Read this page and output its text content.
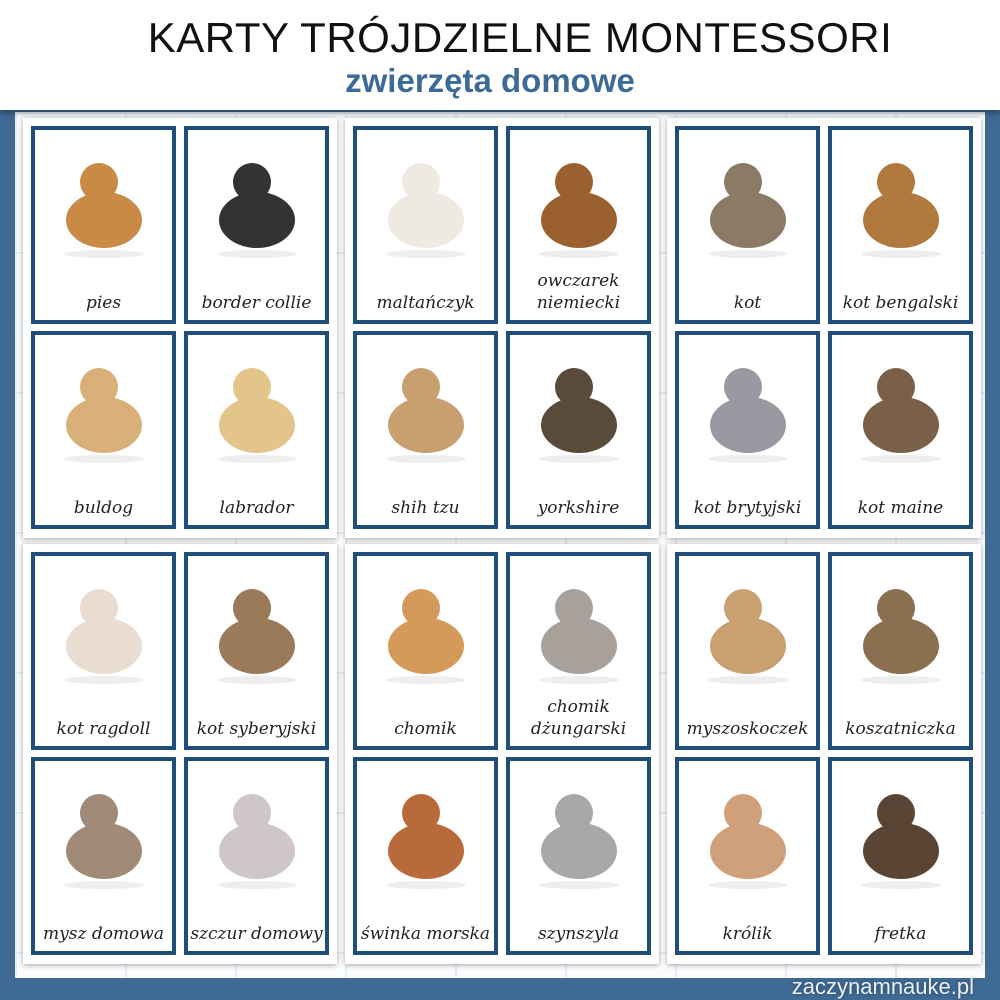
KARTY TRÓJDZIELNE MONTESSORI
zwierzęta domowe
pies	border collie
buldog	labrador
kot	kot bengalski
kot brytyjski	kot maine
maltańczyk
owczarek niemiecki
shih tzu	yorkshire
kot ragdoll	kot syberyjski
mysz domowa	szczur domowy
chomik
chomik dżungarski
świnka morska	szynszyla
myszoskoczek	koszatniczka
królik	fretka
zaczynamnauke.pl
